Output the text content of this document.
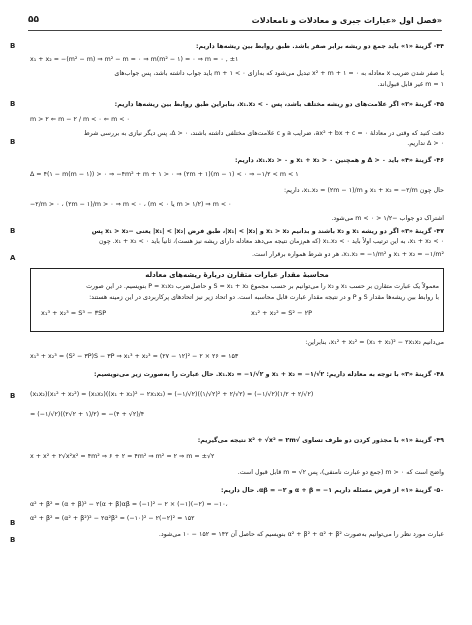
۵۵	فصل اول «عبارات جبری و معادلات و نامعادلات»
B
B
B
B
A
B
B
B
۴۴- گزینهٔ «۱» باید جمع دو ریشه برابر صفر باشد. طبق روابط بین ریشه‌ها داریم:
x₁ + x₂ = −(m² − m) ⇒ m² − m = ۰ ⇒ m(m² − ۱) = ۰ ⇒ m = ۰ , ±۱
با صفر شدن ضریب x معادله به x² + m + ۱ = ۰ تبدیل می‌شود که به‌ازای m + ۱ < ۰ باید جواب داشته باشد، پس جواب‌های
m = ۱ غیر قابل قبول‌اند.
۴۵- گزینهٔ «۲» اگر علامت‌های دو ریشه مختلف باشد، پس x₁.x₂ < ۰، بنابراین طبق روابط بین ریشه‌ها داریم:
m > ۲ ⇐ m − ۲ / m < ۰ ⇐ m < ۰
دقت کنید که وقتی در معادلهٔ ax² + bx + c = ۰، ضرایب a و c علامت‌های مختلفی داشته باشند، Δ > ۰، پس دیگر نیازی به بررسی شرط
Δ > ۰ نداریم.
۴۶- گزینهٔ «۴» باید Δ > ۰ و همچنین x₁ + x₂ > ۰ و x₁.x₂ > ۰، داریم:
Δ = ۴(۱ − m(m − ۱)) > ۰ ⇒ −۴m² + m + ۱ > ۰ ⇒ (۲m + ۱)(m − ۱) < ۰ ⇒ −۱/۲ < m < ۱
حال چون x₁ + x₂ = −۲/m و x₁.x₂ = (۲m − ۱)/m، داریم:
−۲/m > ۰ ، (۲m − ۱)/m > ۰ ⇒ m < ۰ ، (m < ۰ یا m > ۱/۲) ⇒ m < ۰
اشتراک دو جواب −۱/۲ < m < ۰ می‌شود.
۴۷- گزینهٔ «۳» اگر دو ریشه x₁ و x₂ باشند و بدانیم x₁ > x₂ و |x₁| < |x₂|، طبق فرض |x₁| < |x₂| یعنی −x₁ > x₂ پس
x₁ + x₂ < ۰، به این ترتیب اولاً باید x₁.x₂ < ۰ (که هم‌زمان نتیجه می‌دهد معادله دارای ریشه نیز هست)، ثانیاً باید x₁ + x₂ < ۰. چون
x₁ + x₂ = −۱/m² و x₁.x₂ = −۱/m²، هر دو شرط همواره برقرار است.
محاسبهٔ مقدار عبارات متقارن دربارهٔ ریشه‌های معادله
معمولاً یک عبارت متقارن بر حسب x₁ و x₂ را می‌توانیم بر حسب مجموع S = x₁ + x₂ و حاصل‌ضرب P = x₁x₂ بنویسیم. در این صورت
با روابط بین ریشه‌ها مقدار S و P و در نتیجه مقدار عبارت قابل محاسبه است. دو اتحاد زیر نیز اتحادهای پرکاربردی در این زمینه هستند:
x₁³ + x₂³ = S³ − ۳SP	x₁² + x₂² = S² − ۲P
می‌دانیم x₁² + x₂² = (x₁ + x₂)² − ۲x₁x₂، بنابراین:
x₁³ + x₂³ = (S² − ۳P)S − ۳P ⇒ x₁³ + x₂³ = (۲۷ − ۱۲)² − ۲ × ۲۶ = ۱۵۳
۴۸- گزینهٔ «۳» با توجه به معادله داریم: x₁ + x₂ = −۱/√۲ و x₁.x₂ = −۱/√۲. حال عبارت را به‌صورت زیر می‌نویسیم:
(x₁x₂)(x₁² + x₂²) = (x₁x₂)((x₁ + x₂)² − ۲x₁x₂) = (−۱/√۲)((۱/√۲)² + ۲/√۲) = (−۱/√۲)(۱/۲ + ۲/√۲)
= (−۱/√۲)((۲√۲ + ۱)/۲) = −(۴ + √۲)/۴
۴۹- گزینهٔ «۱» با مجذور کردن دو طرف تساوی √x² + √x² = ۲m نتیجه می‌گیریم:
x + x² + ۲√x²x² = ۴m² ⇒ ۶ + ۲ = ۴m² ⇒ m² = ۲ ⇒ m = ±√۲
واضح است که m > ۰ (جمع دو عبارت نامنفی)، پس m = √۲ قابل قبول است.
۵۰- گزینهٔ «۱» از فرض مسئله داریم α + β = −۱ و αβ = −۲. حال داریم:
α² + β² = (α + β)² − ۲(α + β)αβ = (−۱)² − ۲ × (−۱)(−۲) = −۱۰،
α² + β² = (α² + β²)² − ۲α²β² = (−۱۰)² − ۲(−۲)² = ۱۵۲
عبارت مورد نظر را می‌توانیم به‌صورت α² + β² + α² + β² بنویسیم که حاصل آن ۱۴۲ = ۱۵۲ − ۱۰ می‌شود.
